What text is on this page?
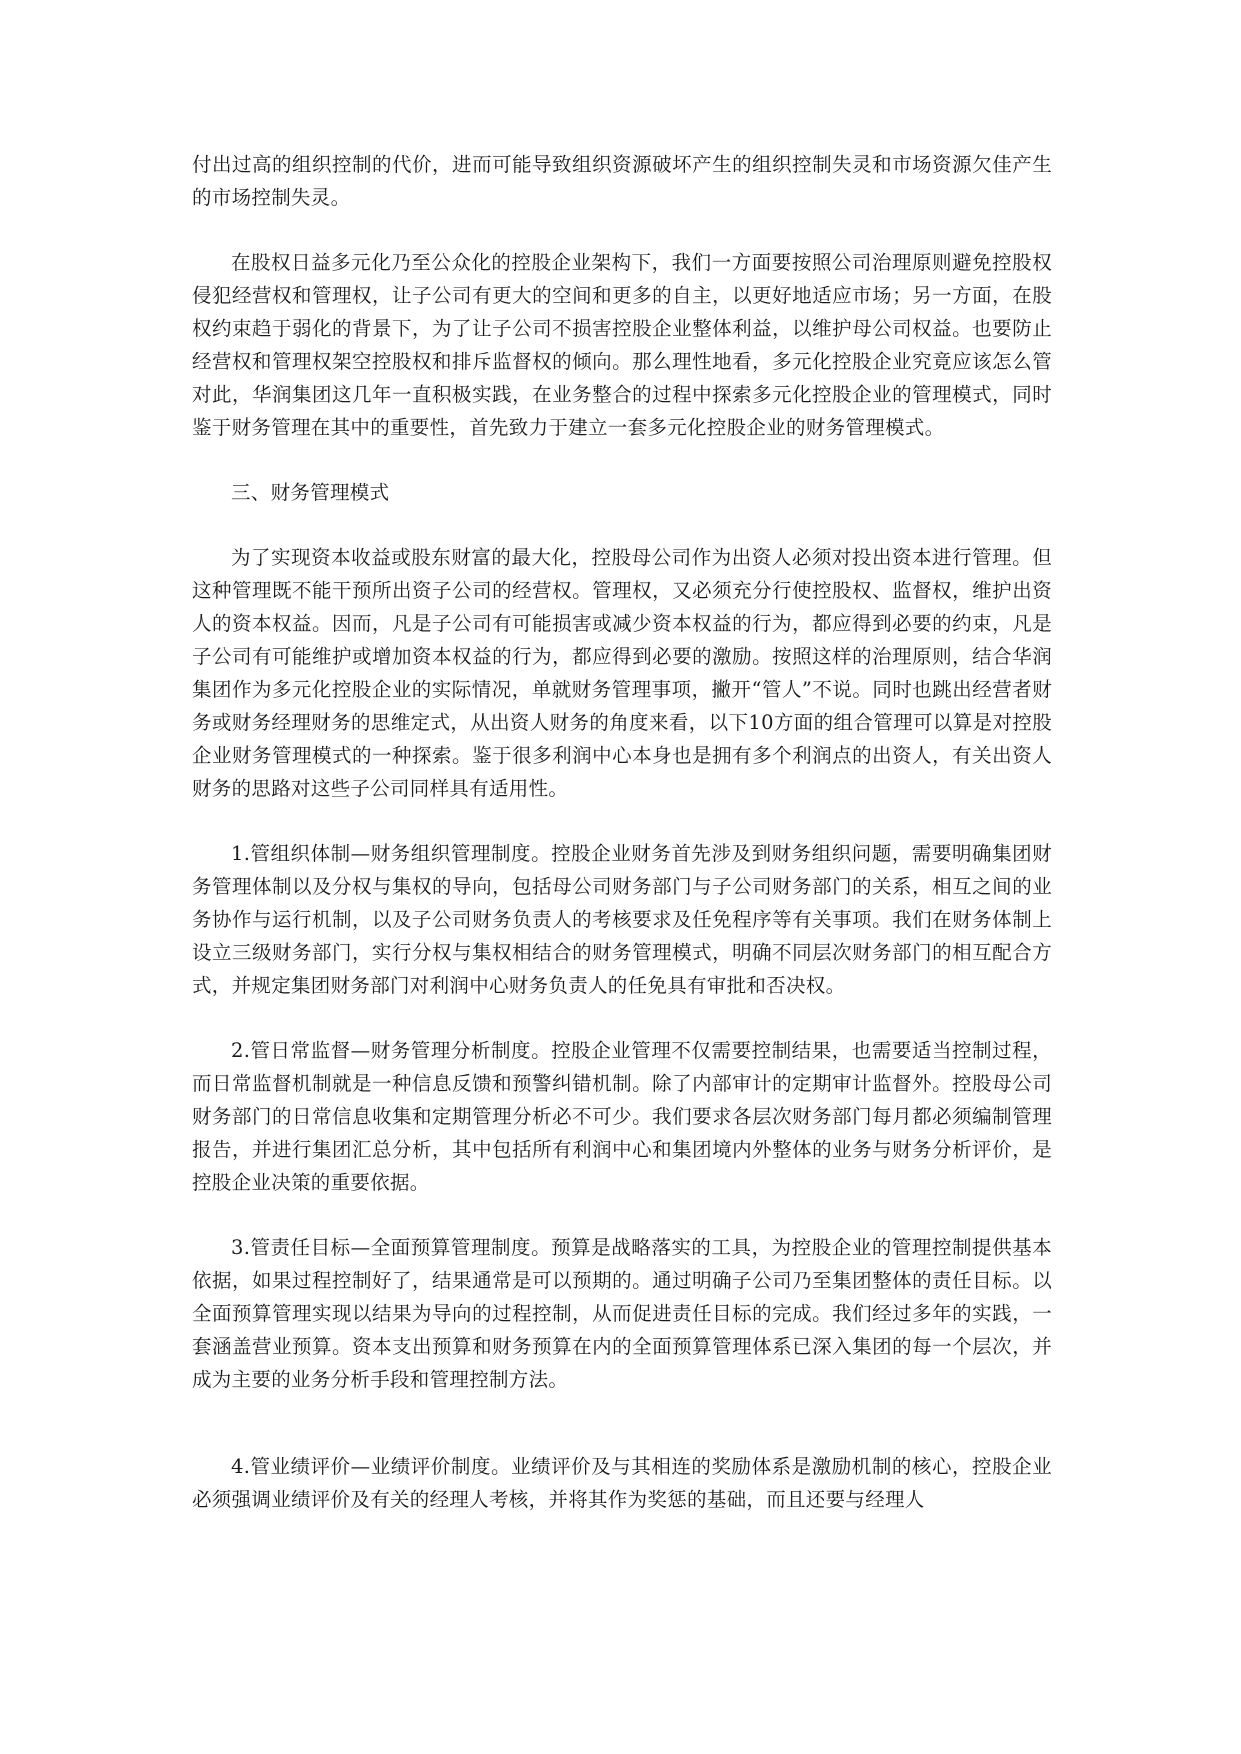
付出过高的组织控制的代价，进而可能导致组织资源破坏产生的组织控制失灵和市场资源欠佳产生的市场控制失灵。

在股权日益多元化乃至公众化的控股企业架构下，我们一方面要按照公司治理原则避免控股权侵犯经营权和管理权，让子公司有更大的空间和更多的自主，以更好地适应市场；另一方面，在股权约束趋于弱化的背景下，为了让子公司不损害控股企业整体利益，以维护母公司权益。也要防止经营权和管理权架空控股权和排斥监督权的倾向。那么理性地看，多元化控股企业究竟应该怎么管对此，华润集团这几年一直积极实践，在业务整合的过程中探索多元化控股企业的管理模式，同时鉴于财务管理在其中的重要性，首先致力于建立一套多元化控股企业的财务管理模式。

三、财务管理模式

为了实现资本收益或股东财富的最大化，控股母公司作为出资人必须对投出资本进行管理。但这种管理既不能干预所出资子公司的经营权。管理权，又必须充分行使控股权、监督权，维护出资人的资本权益。因而，凡是子公司有可能损害或减少资本权益的行为，都应得到必要的约束，凡是子公司有可能维护或增加资本权益的行为，都应得到必要的激励。按照这样的治理原则，结合华润集团作为多元化控股企业的实际情况，单就财务管理事项，撇开“管人”不说。同时也跳出经营者财务或财务经理财务的思维定式，从出资人财务的角度来看，以下10方面的组合管理可以算是对控股企业财务管理模式的一种探索。鉴于很多利润中心本身也是拥有多个利润点的出资人，有关出资人财务的思路对这些子公司同样具有适用性。

1.管组织体制—财务组织管理制度。控股企业财务首先涉及到财务组织问题，需要明确集团财务管理体制以及分权与集权的导向，包括母公司财务部门与子公司财务部门的关系，相互之间的业务协作与运行机制，以及子公司财务负责人的考核要求及任免程序等有关事项。我们在财务体制上设立三级财务部门，实行分权与集权相结合的财务管理模式，明确不同层次财务部门的相互配合方式，并规定集团财务部门对利润中心财务负责人的任免具有审批和否决权。

2.管日常监督—财务管理分析制度。控股企业管理不仅需要控制结果，也需要适当控制过程，而日常监督机制就是一种信息反馈和预警纠错机制。除了内部审计的定期审计监督外。控股母公司财务部门的日常信息收集和定期管理分析必不可少。我们要求各层次财务部门每月都必须编制管理报告，并进行集团汇总分析，其中包括所有利润中心和集团境内外整体的业务与财务分析评价，是控股企业决策的重要依据。

3.管责任目标—全面预算管理制度。预算是战略落实的工具，为控股企业的管理控制提供基本依据，如果过程控制好了，结果通常是可以预期的。通过明确子公司乃至集团整体的责任目标。以全面预算管理实现以结果为导向的过程控制，从而促进责任目标的完成。我们经过多年的实践，一套涵盖营业预算。资本支出预算和财务预算在内的全面预算管理体系已深入集团的每一个层次，并成为主要的业务分析手段和管理控制方法。

4.管业绩评价—业绩评价制度。业绩评价及与其相连的奖励体系是激励机制的核心，控股企业必须强调业绩评价及有关的经理人考核，并将其作为奖惩的基础，而且还要与经理人
